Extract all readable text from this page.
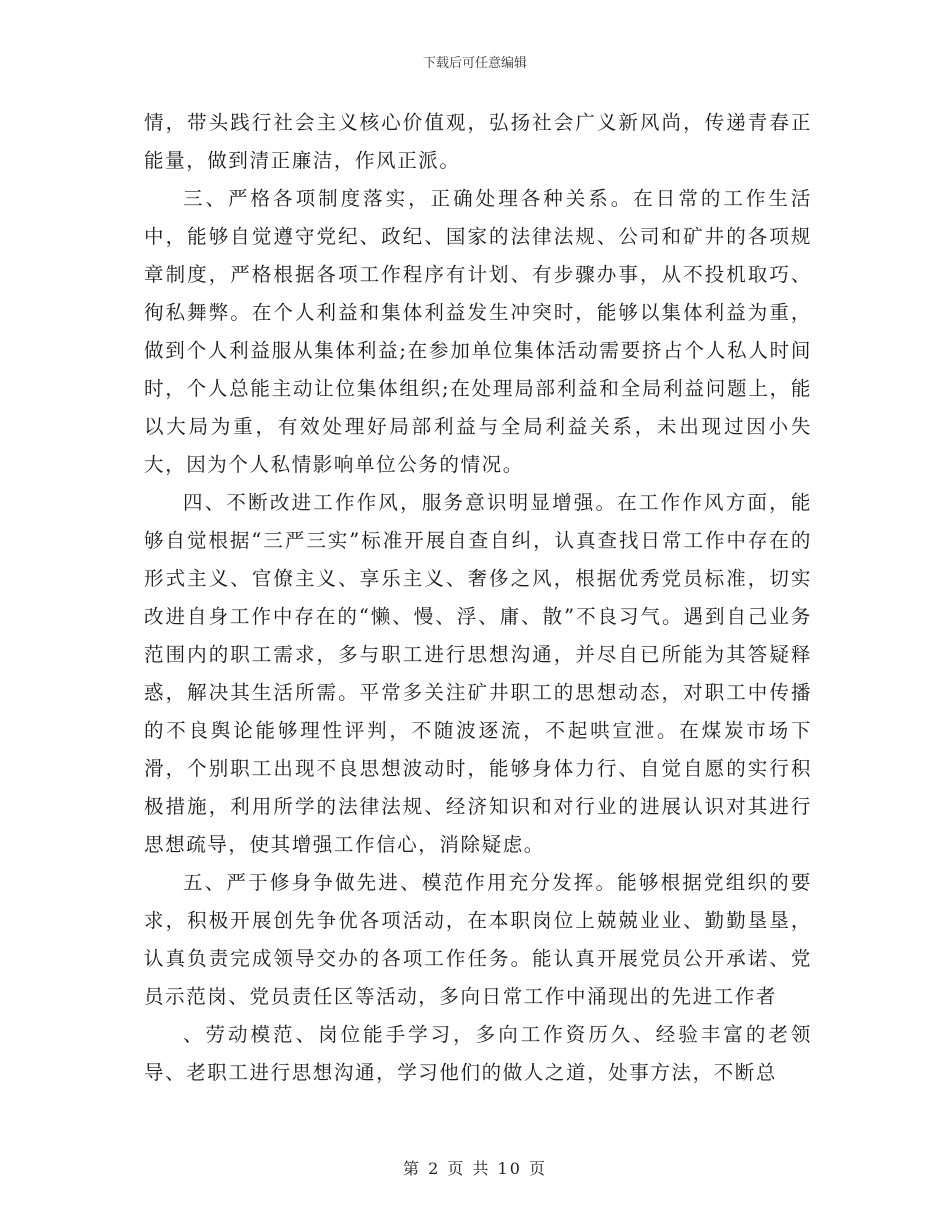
下载后可任意编辑

情，带头践行社会主义核心价值观，弘扬社会广义新风尚，传递青春正能量，做到清正廉洁，作风正派。

三、严格各项制度落实，正确处理各种关系。在日常的工作生活中，能够自觉遵守党纪、政纪、国家的法律法规、公司和矿井的各项规章制度，严格根据各项工作程序有计划、有步骤办事，从不投机取巧、徇私舞弊。在个人利益和集体利益发生冲突时，能够以集体利益为重，做到个人利益服从集体利益;在参加单位集体活动需要挤占个人私人时间时，个人总能主动让位集体组织;在处理局部利益和全局利益问题上，能以大局为重，有效处理好局部利益与全局利益关系，未出现过因小失大，因为个人私情影响单位公务的情况。

四、不断改进工作作风，服务意识明显增强。在工作作风方面，能够自觉根据“三严三实”标准开展自查自纠，认真查找日常工作中存在的形式主义、官僚主义、享乐主义、奢侈之风，根据优秀党员标准，切实改进自身工作中存在的“懒、慢、浮、庸、散”不良习气。遇到自己业务范围内的职工需求，多与职工进行思想沟通，并尽自已所能为其答疑释惑，解决其生活所需。平常多关注矿井职工的思想动态，对职工中传播的不良舆论能够理性评判，不随波逐流，不起哄宣泄。在煤炭市场下滑，个别职工出现不良思想波动时，能够身体力行、自觉自愿的实行积极措施，利用所学的法律法规、经济知识和对行业的进展认识对其进行思想疏导，使其增强工作信心，消除疑虑。

五、严于修身争做先进、模范作用充分发挥。能够根据党组织的要求，积极开展创先争优各项活动，在本职岗位上兢兢业业、勤勤垦垦，认真负责完成领导交办的各项工作任务。能认真开展党员公开承诺、党员示范岗、党员责任区等活动，多向日常工作中涌现出的先进工作者

、劳动模范、岗位能手学习，多向工作资历久、经验丰富的老领导、老职工进行思想沟通，学习他们的做人之道，处事方法，不断总

第 2 页 共 10 页
